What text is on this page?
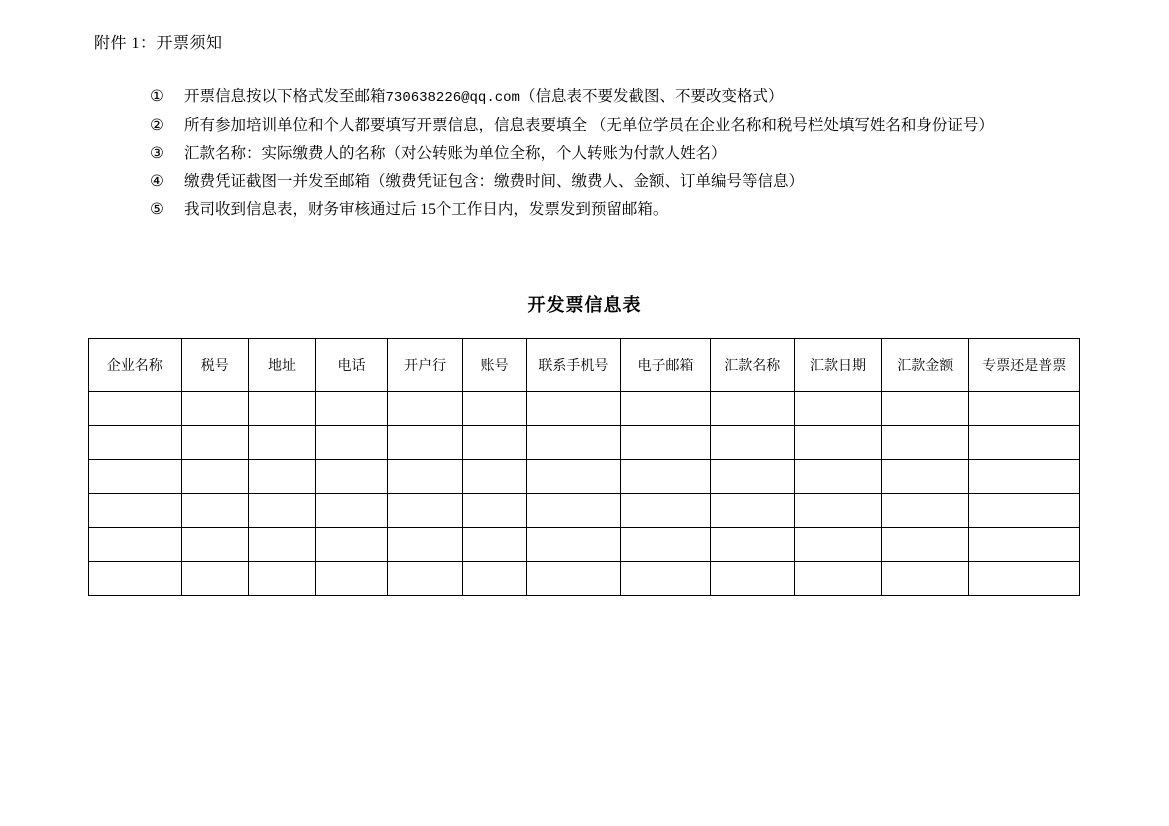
附件 1：开票须知
①	开票信息按以下格式发至邮箱730638226@qq.com（信息表不要发截图、不要改变格式）
②	所有参加培训单位和个人都要填写开票信息，信息表要填全 （无单位学员在企业名称和税号栏处填写姓名和身份证号）
③	汇款名称：实际缴费人的名称（对公转账为单位全称，个人转账为付款人姓名）
④	缴费凭证截图一并发至邮箱（缴费凭证包含：缴费时间、缴费人、金额、订单编号等信息）
⑤	我司收到信息表，财务审核通过后 15个工作日内，发票发到预留邮箱。
开发票信息表
企业名称	税号	地址	电话	开户行	账号	联系手机号	电子邮箱	汇款名称	汇款日期	汇款金额	专票还是普票
